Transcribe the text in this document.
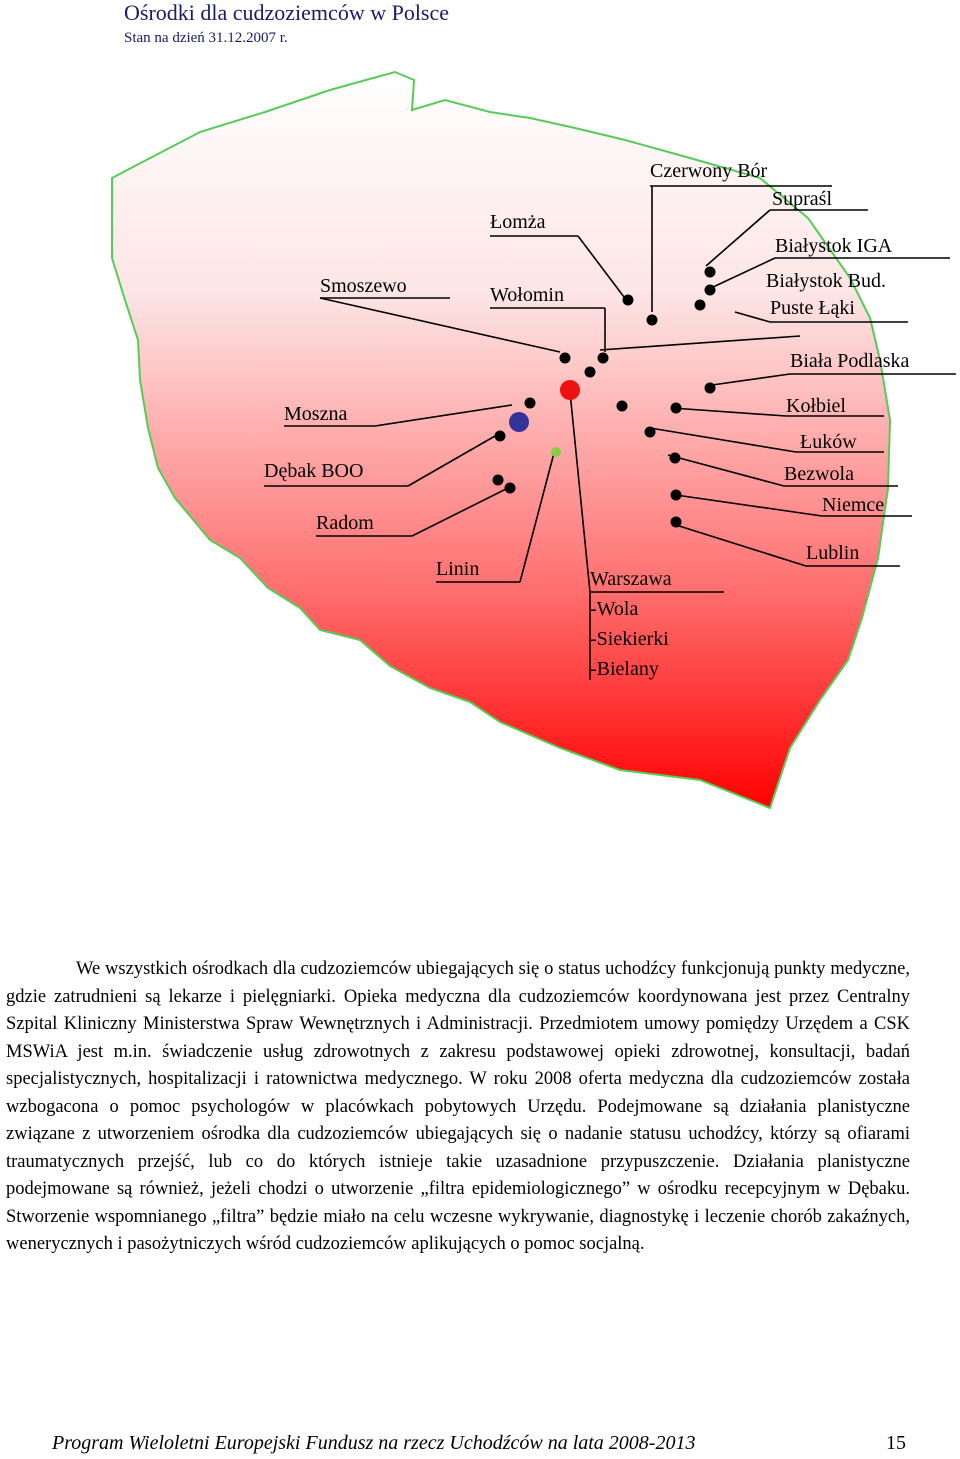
Ośrodki dla cudzoziemców w Polsce
Stan na dzień 31.12.2007 r.
Czerwony Bór
Supraśl
Łomża
Białystok IGA
Smoszewo	Wołomin
Białystok Bud.
Puste Łąki
Biała Podlaska
Moszna	Kołbiel
Łuków
Dębak BOO	Bezwola
Niemce
Radom
Lublin
Linin	Warszawa
-Wola
-Siekierki
-Bielany

We wszystkich ośrodkach dla cudzoziemców ubiegających się o status uchodźcy funkcjonują punkty medyczne, gdzie zatrudnieni są lekarze i pielęgniarki. Opieka medyczna dla cudzoziemców koordynowana jest przez Centralny Szpital Kliniczny Ministerstwa Spraw Wewnętrznych i Administracji. Przedmiotem umowy pomiędzy Urzędem a CSK MSWiA jest m.in. świadczenie usług zdrowotnych z zakresu podstawowej opieki zdrowotnej, konsultacji, badań specjalistycznych, hospitalizacji i ratownictwa medycznego. W roku 2008 oferta medyczna dla cudzoziemców została wzbogacona o pomoc psychologów w placówkach pobytowych Urzędu. Podejmowane są działania planistyczne związane z utworzeniem ośrodka dla cudzoziemców ubiegających się o nadanie statusu uchodźcy, którzy są ofiarami traumatycznych przejść, lub co do których istnieje takie uzasadnione przypuszczenie. Działania planistyczne podejmowane są również, jeżeli chodzi o utworzenie „filtra epidemiologicznego” w ośrodku recepcyjnym w Dębaku. Stworzenie wspomnianego „filtra” będzie miało na celu wczesne wykrywanie, diagnostykę i leczenie chorób zakaźnych, wenerycznych i pasożytniczych wśród cudzoziemców aplikujących o pomoc socjalną.

Program Wieloletni Europejski Fundusz na rzecz Uchodźców na lata 2008-2013	15
